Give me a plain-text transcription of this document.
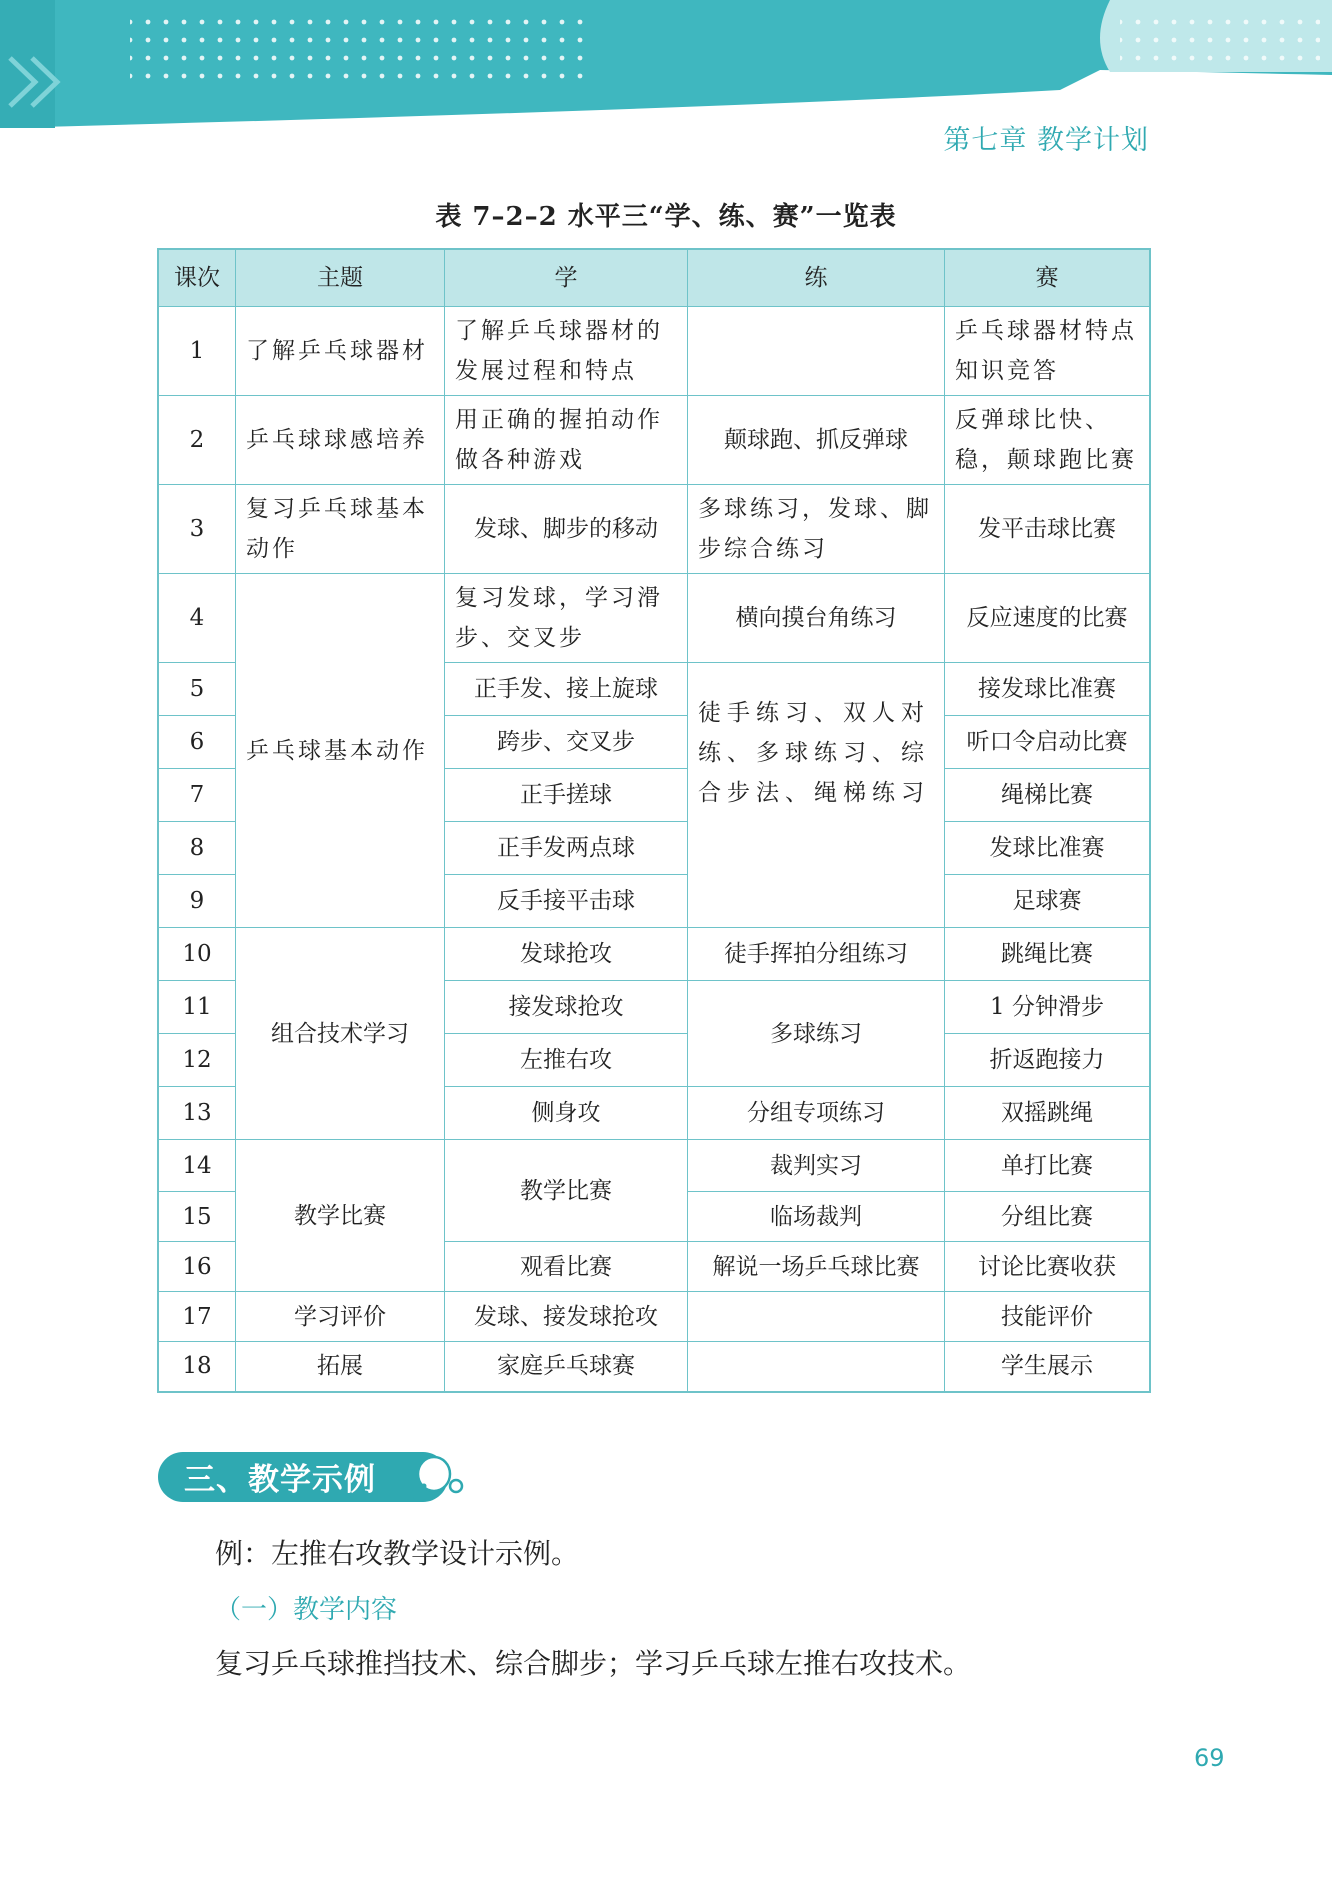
第七章 教学计划
表 7–2–2 水平三“学、练、赛”一览表
课次	主题	学	练	赛
1	了解乒乓球器材	了解乒乓球器材的发展过程和特点		乒乓球器材特点知识竞答
2	乒乓球球感培养	用正确的握拍动作做各种游戏	颠球跑、抓反弹球	反弹球比快、稳，颠球跑比赛
3	复习乒乓球基本动作	发球、脚步的移动	多球练习，发球、脚步综合练习	发平击球比赛
4	乒乓球基本动作	复习发球，学习滑步、交叉步	横向摸台角练习	反应速度的比赛
5		正手发、接上旋球	徒手练习、双人对练、多球练习、综合步法、绳梯练习	接发球比准赛
6		跨步、交叉步		听口令启动比赛
7		正手搓球		绳梯比赛
8		正手发两点球		发球比准赛
9		反手接平击球		足球赛
10	组合技术学习	发球抢攻	徒手挥拍分组练习	跳绳比赛
11		接发球抢攻	多球练习	1 分钟滑步
12		左推右攻		折返跑接力
13		侧身攻	分组专项练习	双摇跳绳
14	教学比赛	教学比赛	裁判实习	单打比赛
15			临场裁判	分组比赛
16		观看比赛	解说一场乒乓球比赛	讨论比赛收获
17	学习评价	发球、接发球抢攻		技能评价
18	拓展	家庭乒乓球赛		学生展示
三、教学示例
例：左推右攻教学设计示例。
（一）教学内容
复习乒乓球推挡技术、综合脚步；学习乒乓球左推右攻技术。
69
